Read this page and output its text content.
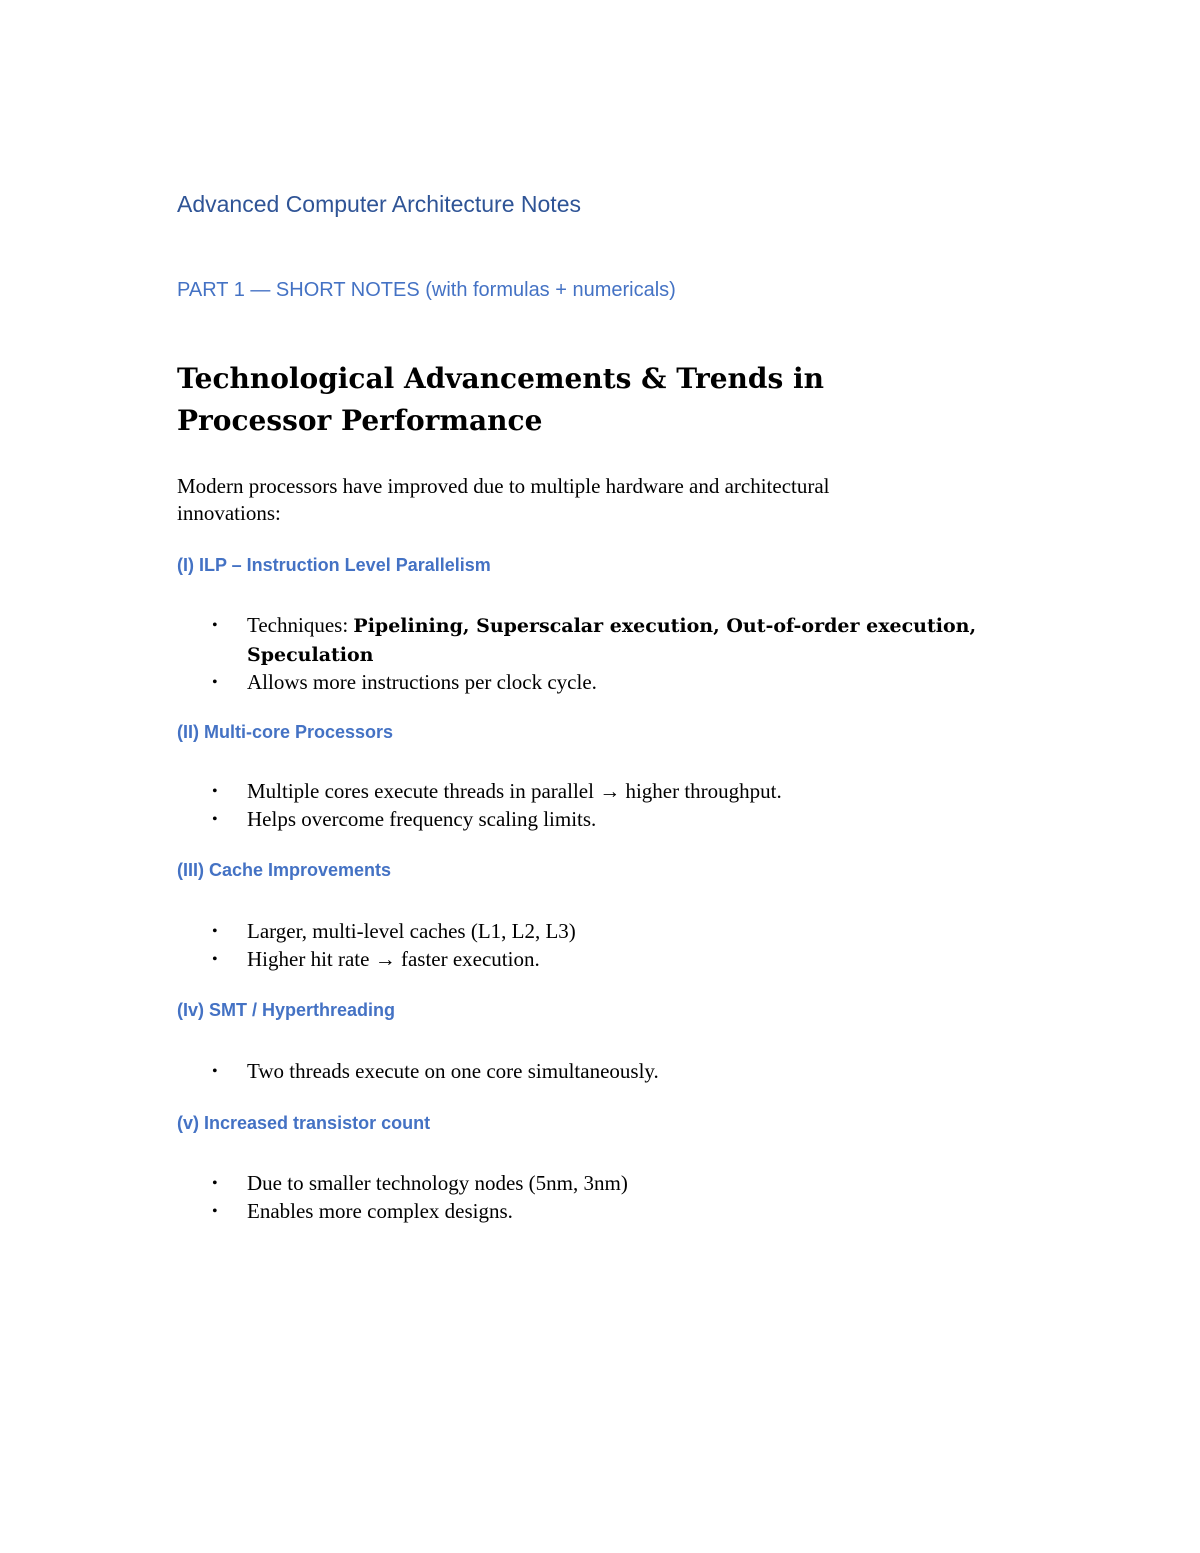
Advanced Computer Architecture Notes
PART 1 — SHORT NOTES (with formulas + numericals)
Technological Advancements & Trends in Processor Performance

Modern processors have improved due to multiple hardware and architectural innovations:

(I) ILP – Instruction Level Parallelism
• Techniques: Pipelining, Superscalar execution, Out-of-order execution, Speculation
• Allows more instructions per clock cycle.
(II) Multi-core Processors
• Multiple cores execute threads in parallel → higher throughput.
• Helps overcome frequency scaling limits.
(III) Cache Improvements
• Larger, multi-level caches (L1, L2, L3)
• Higher hit rate → faster execution.
(Iv) SMT / Hyperthreading
• Two threads execute on one core simultaneously.
(v) Increased transistor count
• Due to smaller technology nodes (5nm, 3nm)
• Enables more complex designs.
